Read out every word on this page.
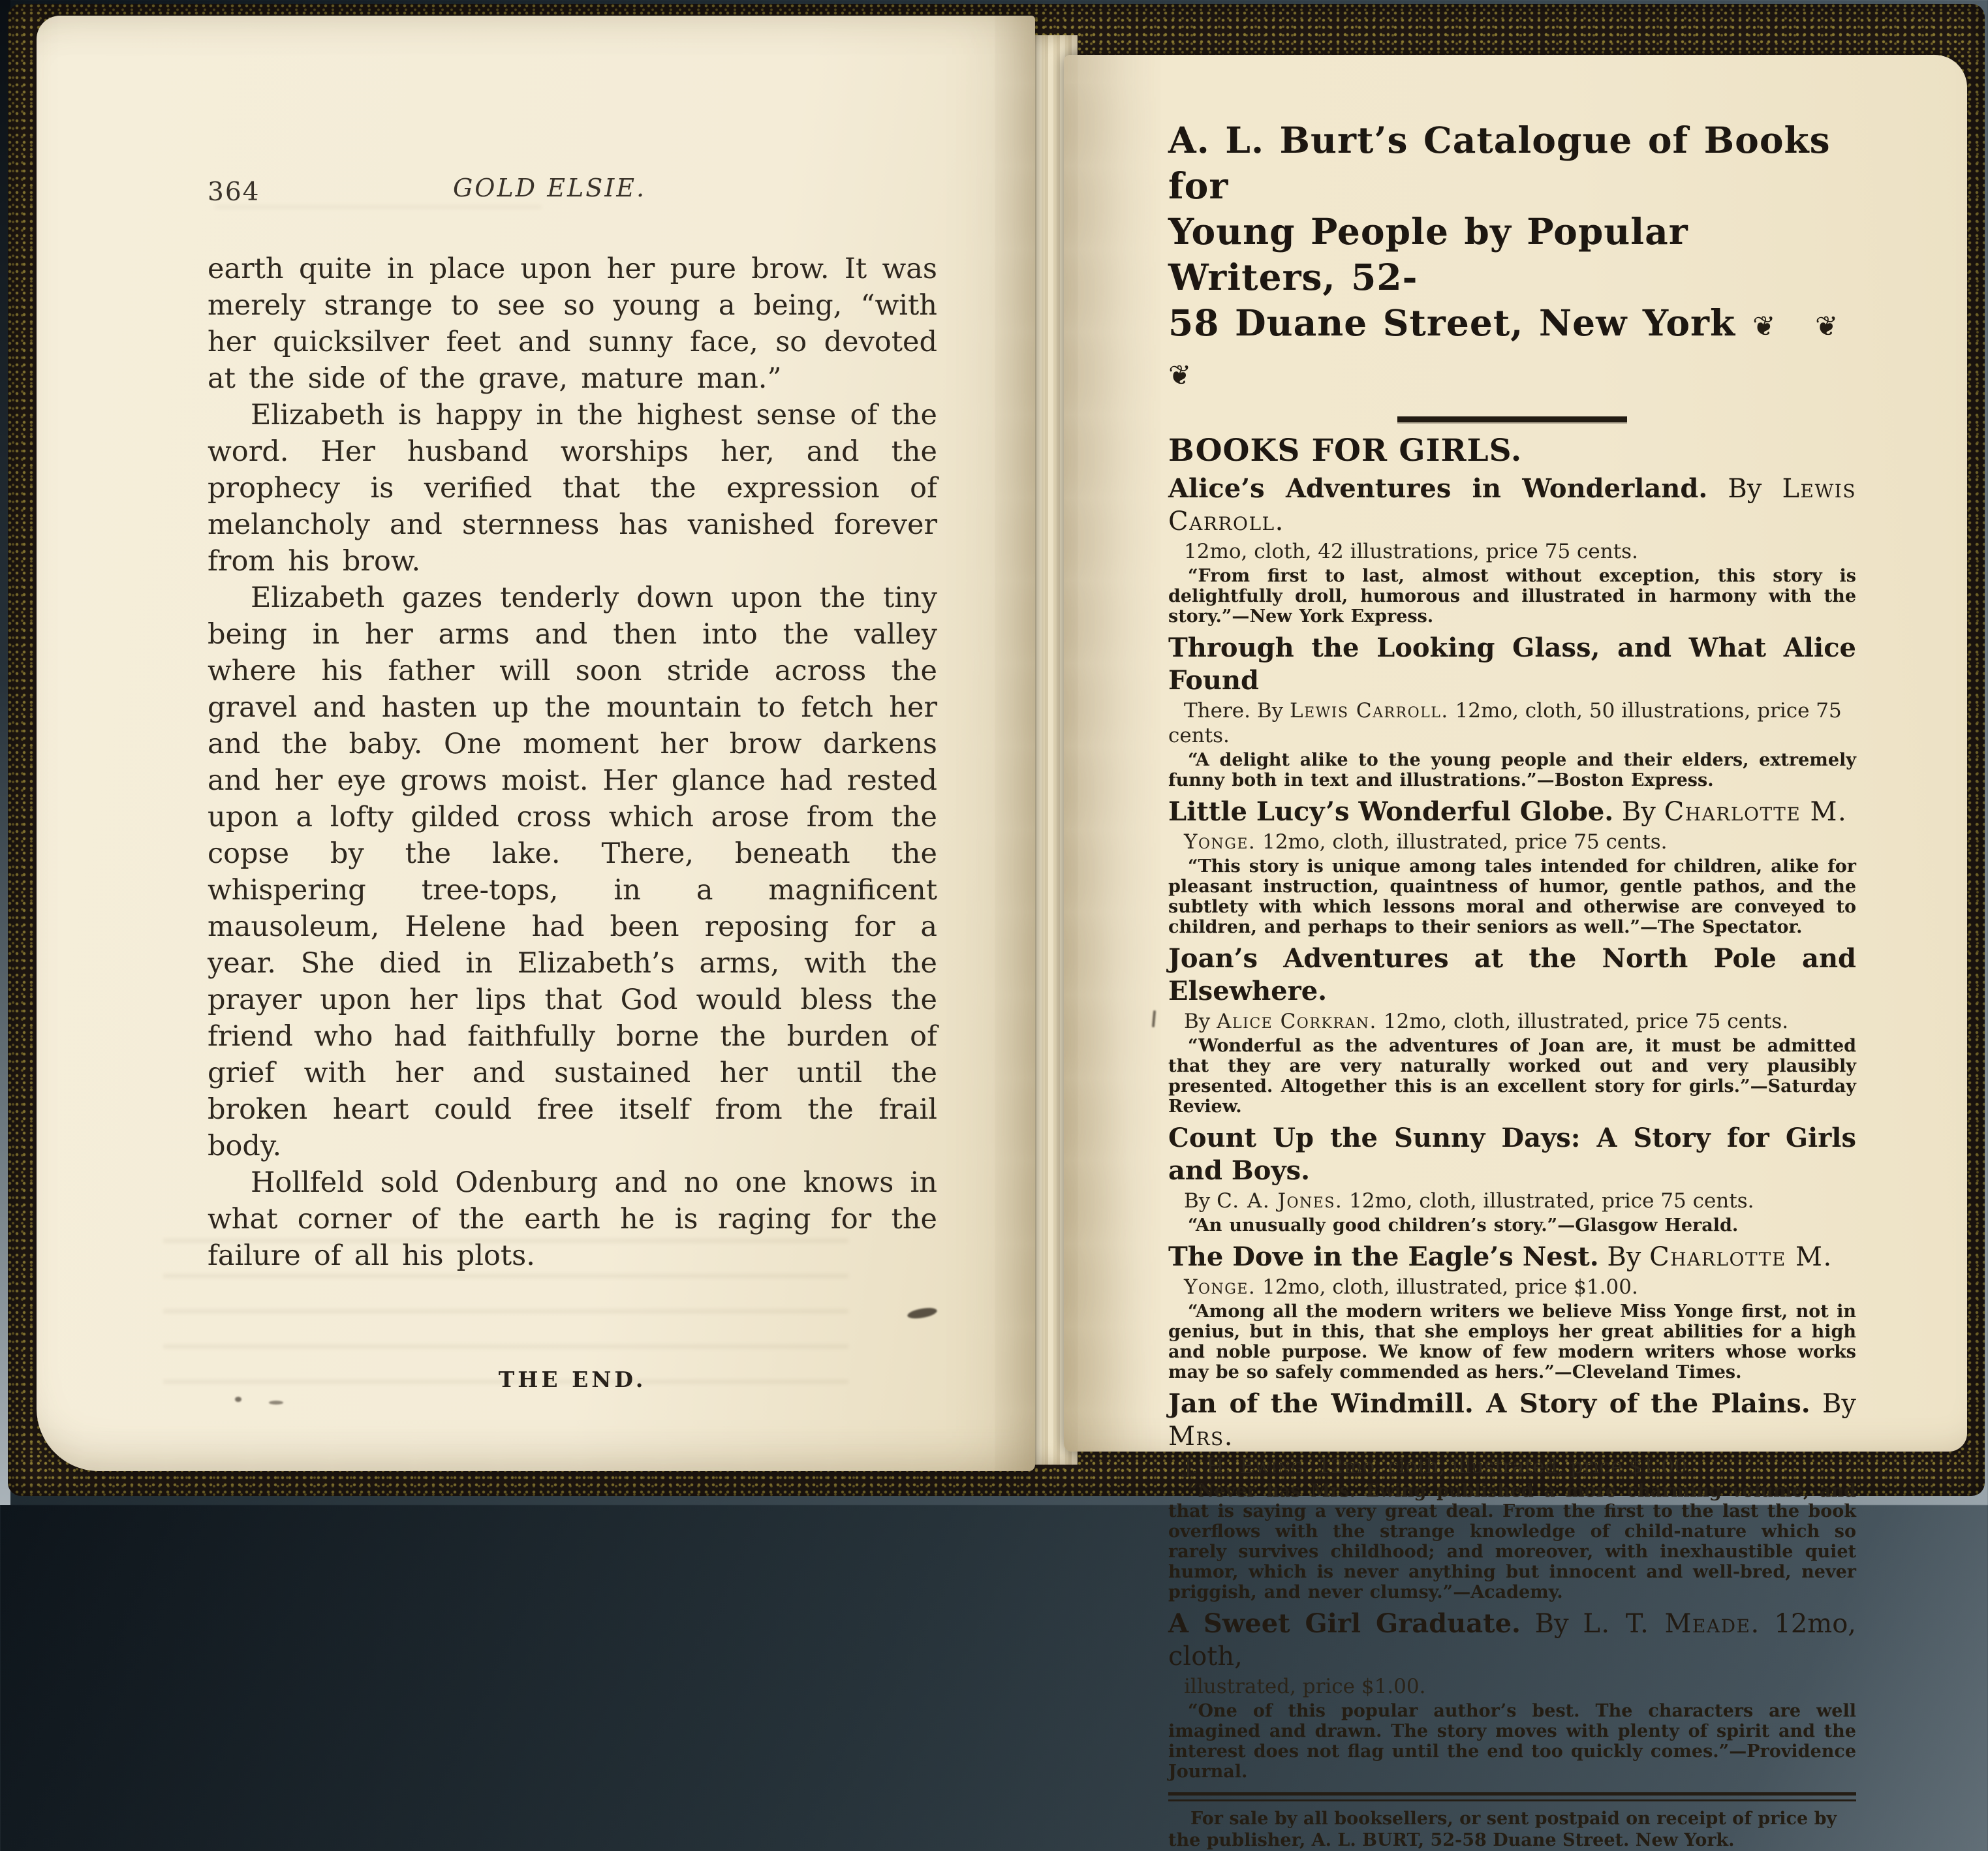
364	GOLD ELSIE.

earth quite in place upon her pure brow. It was merely strange to see so young a being, “with her quicksilver feet and sunny face, so devoted at the side of the grave, mature man.”

Elizabeth is happy in the highest sense of the word. Her husband worships her, and the prophecy is verified that the expression of melancholy and sternness has vanished forever from his brow.

Elizabeth gazes tenderly down upon the tiny being in her arms and then into the valley where his father will soon stride across the gravel and hasten up the mountain to fetch her and the baby. One moment her brow darkens and her eye grows moist. Her glance had rested upon a lofty gilded cross which arose from the copse by the lake. There, beneath the whispering tree-tops, in a magnificent mausoleum, Helene had been reposing for a year. She died in Elizabeth’s arms, with the prayer upon her lips that God would bless the friend who had faithfully borne the burden of grief with her and sustained her until the broken heart could free itself from the frail body.

Hollfeld sold Odenburg and no one knows in what corner of the earth he is raging for the failure of all his plots.

THE END.

A. L. Burt’s Catalogue of Books for

Young People by Popular Writers, 52-

58 Duane Street, New York ❦ ❦ ❦

BOOKS FOR GIRLS.

Alice’s Adventures in Wonderland. By Lewis Carroll.

12mo, cloth, 42 illustrations, price 75 cents.

“From first to last, almost without exception, this story is delightfully droll, humorous and illustrated in harmony with the story.”—New York Express.

Through the Looking Glass, and What Alice Found

There. By Lewis Carroll. 12mo, cloth, 50 illustrations, price 75 cents.

“A delight alike to the young people and their elders, extremely funny both in text and illustrations.”—Boston Express.

Little Lucy’s Wonderful Globe. By Charlotte M.

Yonge. 12mo, cloth, illustrated, price 75 cents.

“This story is unique among tales intended for children, alike for pleasant instruction, quaintness of humor, gentle pathos, and the subtlety with which lessons moral and otherwise are conveyed to children, and perhaps to their seniors as well.”—The Spectator.

Joan’s Adventures at the North Pole and Elsewhere.

By Alice Corkran. 12mo, cloth, illustrated, price 75 cents.

“Wonderful as the adventures of Joan are, it must be admitted that they are very naturally worked out and very plausibly presented. Altogether this is an excellent story for girls.”—Saturday Review.

Count Up the Sunny Days: A Story for Girls and Boys.

By C. A. Jones. 12mo, cloth, illustrated, price 75 cents.

“An unusually good children’s story.”—Glasgow Herald.

The Dove in the Eagle’s Nest. By Charlotte M.

Yonge. 12mo, cloth, illustrated, price $1.00.

“Among all the modern writers we believe Miss Yonge first, not in genius, but in this, that she employs her great abilities for a high and noble purpose. We know of few modern writers whose works may be so safely commended as hers.”—Cleveland Times.

Jan of the Windmill. A Story of the Plains. By Mrs.

J. H. Ewing. 12mo, cloth, illustrated, price $1.00.

“Never has Mrs. Ewing published a more charming volume, and that is saying a very great deal. From the first to the last the book overflows with the strange knowledge of child-nature which so rarely survives childhood; and moreover, with inexhaustible quiet humor, which is never anything but innocent and well-bred, never priggish, and never clumsy.”—Academy.

A Sweet Girl Graduate. By L. T. Meade. 12mo, cloth,

illustrated, price $1.00.

“One of this popular author’s best. The characters are well imagined and drawn. The story moves with plenty of spirit and the interest does not flag until the end too quickly comes.”—Providence Journal.

For sale by all booksellers, or sent postpaid on receipt of price by the publisher, A. L. BURT, 52-58 Duane Street. New York.
